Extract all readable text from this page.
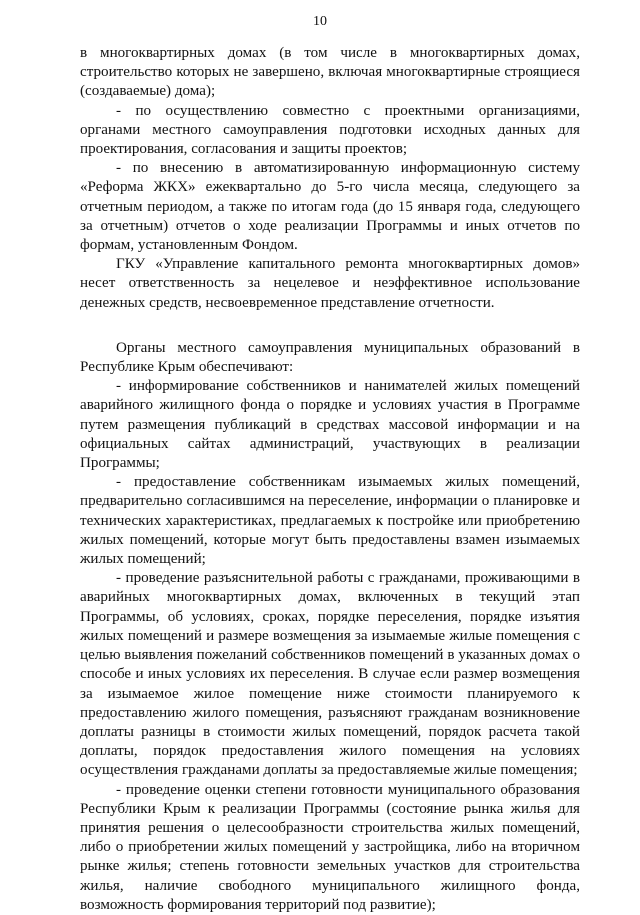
10

в многоквартирных домах (в том числе в многоквартирных домах, строительство которых не завершено, включая многоквартирные строящиеся (создаваемые) дома);

- по осуществлению совместно с проектными организациями, органами местного самоуправления подготовки исходных данных для проектирования, согласования и защиты проектов;

- по внесению в автоматизированную информационную систему «Реформа ЖКХ» ежеквартально до 5-го числа месяца, следующего за отчетным периодом, а также по итогам года (до 15 января года, следующего за отчетным) отчетов о ходе реализации Программы и иных отчетов по формам, установленным Фондом.

ГКУ «Управление капитального ремонта многоквартирных домов» несет ответственность за нецелевое и неэффективное использование денежных средств, несвоевременное представление отчетности.

Органы местного самоуправления муниципальных образований в Республике Крым обеспечивают:

- информирование собственников и нанимателей жилых помещений аварийного жилищного фонда о порядке и условиях участия в Программе путем размещения публикаций в средствах массовой информации и на официальных сайтах администраций, участвующих в реализации Программы;

- предоставление собственникам изымаемых жилых помещений, предварительно согласившимся на переселение, информации о планировке и технических характеристиках, предлагаемых к постройке или приобретению жилых помещений, которые могут быть предоставлены взамен изымаемых жилых помещений;

- проведение разъяснительной работы с гражданами, проживающими в аварийных многоквартирных домах, включенных в текущий этап Программы, об условиях, сроках, порядке переселения, порядке изъятия жилых помещений и размере возмещения за изымаемые жилые помещения с целью выявления пожеланий собственников помещений в указанных домах о способе и иных условиях их переселения. В случае если размер возмещения за изымаемое жилое помещение ниже стоимости планируемого к предоставлению жилого помещения, разъясняют гражданам возникновение доплаты разницы в стоимости жилых помещений, порядок расчета такой доплаты, порядок предоставления жилого помещения на условиях осуществления гражданами доплаты за предоставляемые жилые помещения;

- проведение оценки степени готовности муниципального образования Республики Крым к реализации Программы (состояние рынка жилья для принятия решения о целесообразности строительства жилых помещений, либо о приобретении жилых помещений у застройщика, либо на вторичном рынке жилья; степень готовности земельных участков для строительства жилья, наличие свободного муниципального жилищного фонда, возможность формирования территорий под развитие);
